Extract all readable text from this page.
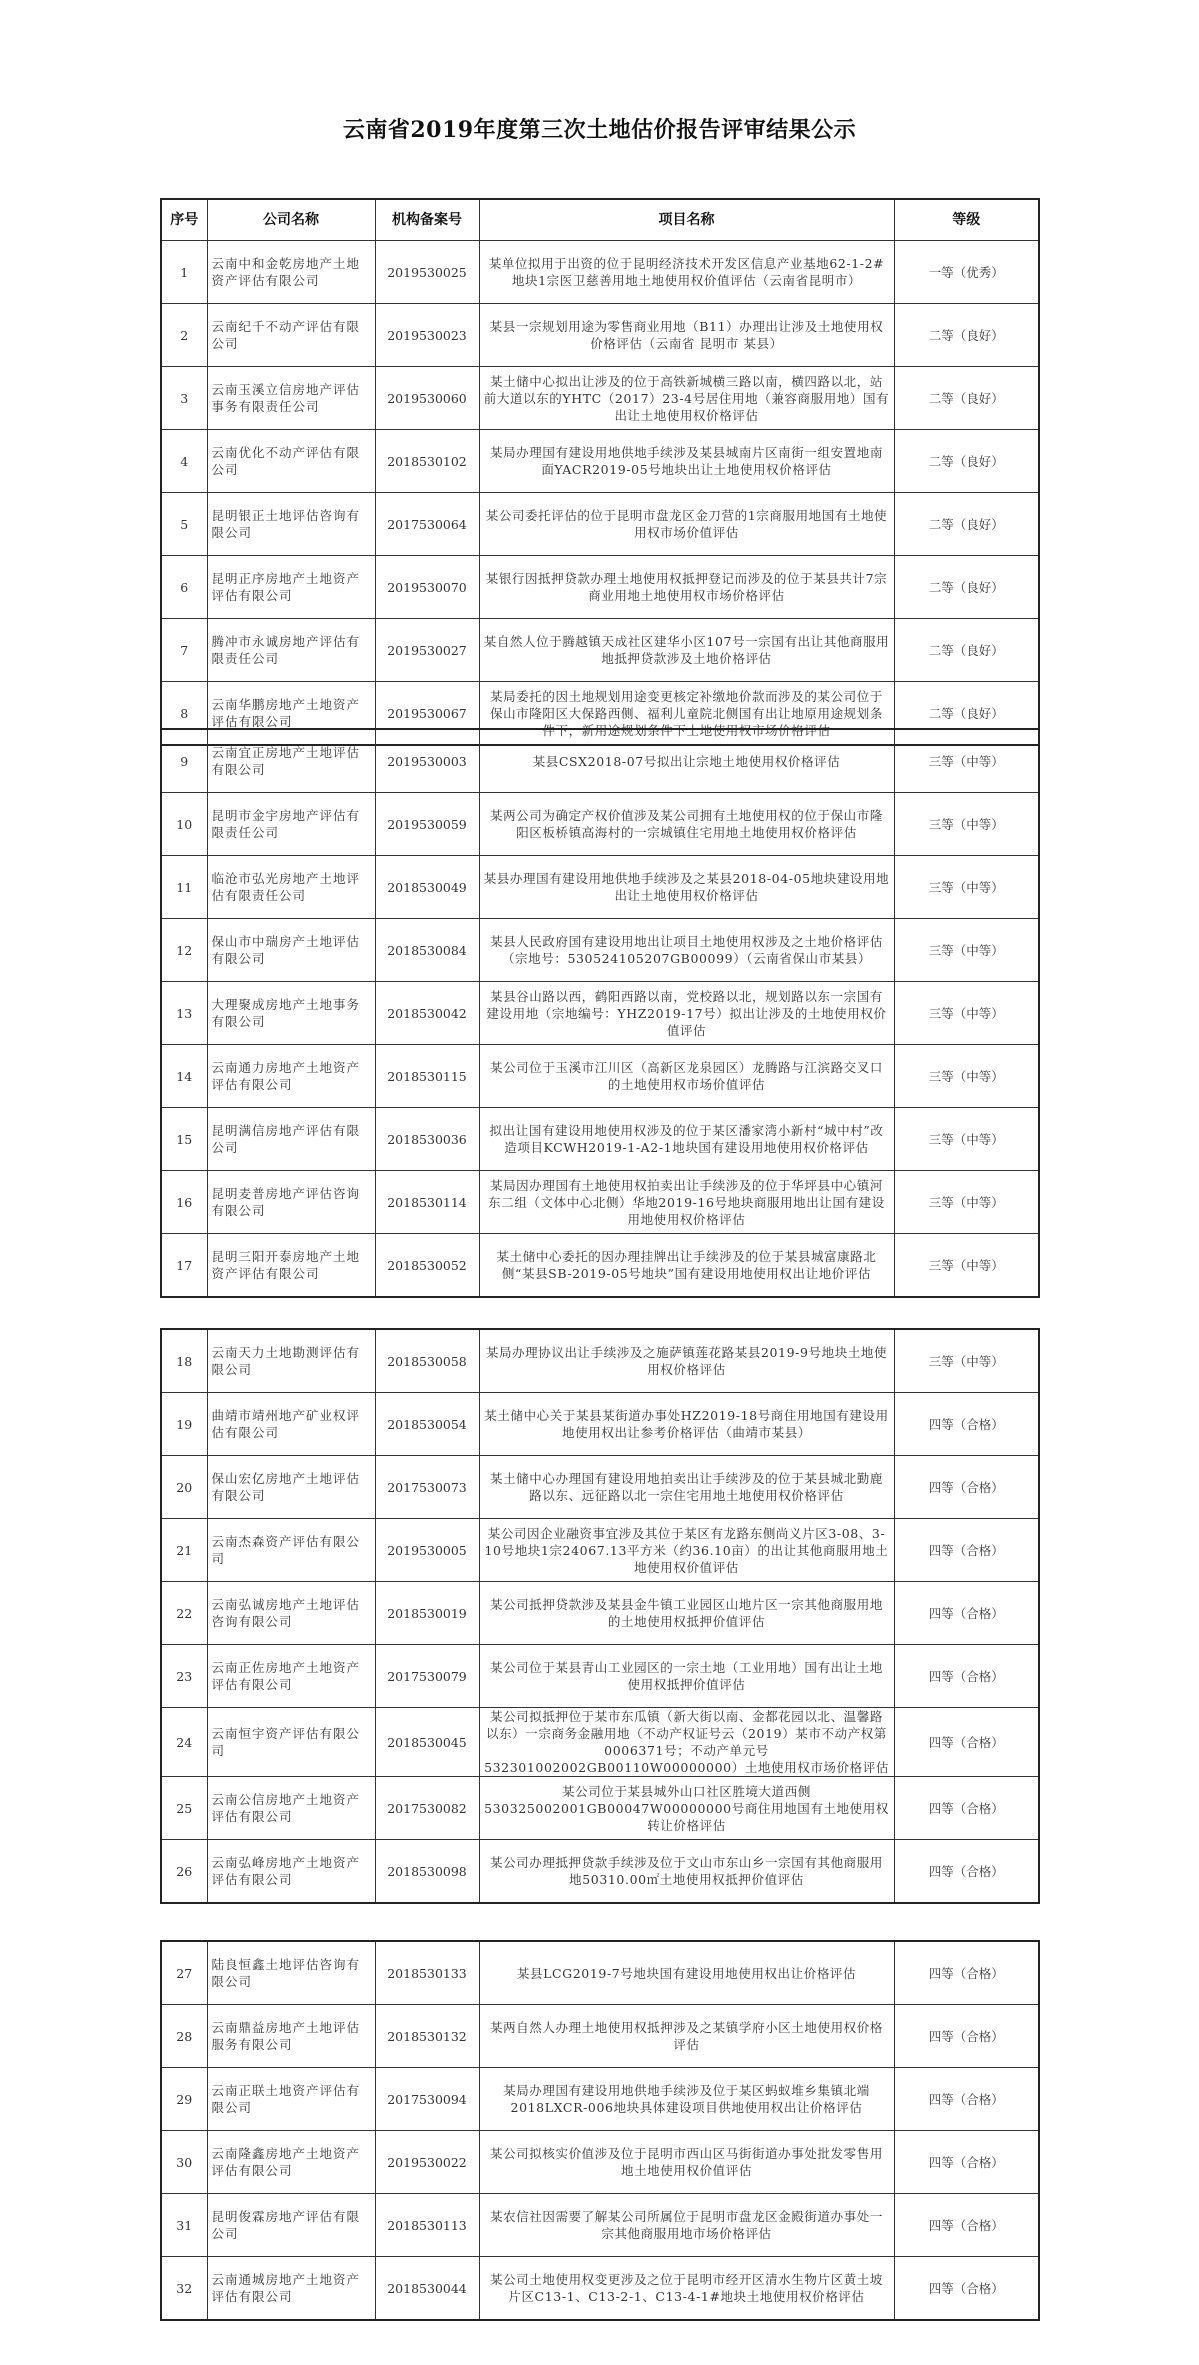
云南省2019年度第三次土地估价报告评审结果公示
序号	公司名称	机构备案号	项目名称	等级
1	云南中和金乾房地产土地资产评估有限公司	2019530025	某单位拟用于出资的位于昆明经济技术开发区信息产业基地62-1-2#地块1宗医卫慈善用地土地使用权价值评估（云南省昆明市）	一等（优秀）
2	云南纪千不动产评估有限公司	2019530023	某县一宗规划用途为零售商业用地（B11）办理出让涉及土地使用权价格评估（云南省 昆明市 某县）	二等（良好）
3	云南玉溪立信房地产评估事务有限责任公司	2019530060	某土储中心拟出让涉及的位于高铁新城横三路以南，横四路以北，站前大道以东的YHTC（2017）23-4号居住用地（兼容商服用地）国有出让土地使用权价格评估	二等（良好）
4	云南优化不动产评估有限公司	2018530102	某局办理国有建设用地供地手续涉及某县城南片区南街一组安置地南面YACR2019-05号地块出让土地使用权价格评估	二等（良好）
5	昆明银正土地评估咨询有限公司	2017530064	某公司委托评估的位于昆明市盘龙区金刀营的1宗商服用地国有土地使用权市场价值评估	二等（良好）
6	昆明正序房地产土地资产评估有限公司	2019530070	某银行因抵押贷款办理土地使用权抵押登记而涉及的位于某县共计7宗商业用地土地使用权市场价格评估	二等（良好）
7	腾冲市永诚房地产评估有限责任公司	2019530027	某自然人位于腾越镇天成社区建华小区107号一宗国有出让其他商服用地抵押贷款涉及土地价格评估	二等（良好）
8	云南华鹏房地产土地资产评估有限公司	2019530067	某局委托的因土地规划用途变更核定补缴地价款而涉及的某公司位于保山市隆阳区大保路西侧、福利儿童院北侧国有出让地原用途规划条件下，新用途规划条件下土地使用权市场价格评估	二等（良好）
9	云南宜正房地产土地评估有限公司	2019530003	某县CSX2018-07号拟出让宗地土地使用权价格评估	三等（中等）
10	昆明市金宇房地产评估有限责任公司	2019530059	某两公司为确定产权价值涉及某公司拥有土地使用权的位于保山市隆阳区板桥镇高海村的一宗城镇住宅用地土地使用权价格评估	三等（中等）
11	临沧市弘光房地产土地评估有限责任公司	2018530049	某县办理国有建设用地供地手续涉及之某县2018-04-05地块建设用地出让土地使用权价格评估	三等（中等）
12	保山市中瑞房产土地评估有限公司	2018530084	某县人民政府国有建设用地出让项目土地使用权涉及之土地价格评估（宗地号：530524105207GB00099）（云南省保山市某县）	三等（中等）
13	大理聚成房地产土地事务有限公司	2018530042	某县谷山路以西，鹤阳西路以南，党校路以北，规划路以东一宗国有建设用地（宗地编号：YHZ2019-17号）拟出让涉及的土地使用权价值评估	三等（中等）
14	云南通力房地产土地资产评估有限公司	2018530115	某公司位于玉溪市江川区（高新区龙泉园区）龙腾路与江滨路交叉口的土地使用权市场价值评估	三等（中等）
15	昆明满信房地产评估有限公司	2018530036	拟出让国有建设用地使用权涉及的位于某区潘家湾小新村“城中村”改造项目KCWH2019-1-A2-1地块国有建设用地使用权价格评估	三等（中等）
16	昆明麦普房地产评估咨询有限公司	2018530114	某局因办理国有土地使用权拍卖出让手续涉及的位于华坪县中心镇河东二组（文体中心北侧）华地2019-16号地块商服用地出让国有建设用地使用权价格评估	三等（中等）
17	昆明三阳开泰房地产土地资产评估有限公司	2018530052	某土储中心委托的因办理挂牌出让手续涉及的位于某县城富康路北侧“某县SB-2019-05号地块”国有建设用地使用权出让地价评估	三等（中等）
18	云南天力土地勘测评估有限公司	2018530058	某局办理协议出让手续涉及之施萨镇莲花路某县2019-9号地块土地使用权价格评估	三等（中等）
19	曲靖市靖州地产矿业权评估有限公司	2018530054	某土储中心关于某县某街道办事处HZ2019-18号商住用地国有建设用地使用权出让参考价格评估（曲靖市某县）	四等（合格）
20	保山宏亿房地产土地评估有限公司	2017530073	某土储中心办理国有建设用地拍卖出让手续涉及的位于某县城北勤鹿路以东、远征路以北一宗住宅用地土地使用权价格评估	四等（合格）
21	云南杰森资产评估有限公司	2019530005	某公司因企业融资事宜涉及其位于某区有龙路东侧尚义片区3-08、3-10号地块1宗24067.13平方米（约36.10亩）的出让其他商服用地土地使用权价值评估	四等（合格）
22	云南弘诚房地产土地评估咨询有限公司	2018530019	某公司抵押贷款涉及某县金牛镇工业园区山地片区一宗其他商服用地的土地使用权抵押价值评估	四等（合格）
23	云南正佐房地产土地资产评估有限公司	2017530079	某公司位于某县青山工业园区的一宗土地（工业用地）国有出让土地使用权抵押价值评估	四等（合格）
24	云南恒宇资产评估有限公司	2018530045	某公司拟抵押位于某市东瓜镇（新大街以南、金都花园以北、温馨路以东）一宗商务金融用地（不动产权证号云（2019）某市不动产权第0006371号；不动产单元号532301002002GB00110W00000000）土地使用权市场价格评估	四等（合格）
25	云南公信房地产土地资产评估有限公司	2017530082	某公司位于某县城外山口社区胜境大道西侧530325002001GB00047W00000000号商住用地国有土地使用权转让价格评估	四等（合格）
26	云南弘峰房地产土地资产评估有限公司	2018530098	某公司办理抵押贷款手续涉及位于文山市东山乡一宗国有其他商服用地50310.00㎡土地使用权抵押价值评估	四等（合格）
27	陆良恒鑫土地评估咨询有限公司	2018530133	某县LCG2019-7号地块国有建设用地使用权出让价格评估	四等（合格）
28	云南鼎益房地产土地评估服务有限公司	2018530132	某两自然人办理土地使用权抵押涉及之某镇学府小区土地使用权价格评估	四等（合格）
29	云南正联土地资产评估有限公司	2017530094	某局办理国有建设用地供地手续涉及位于某区蚂蚁堆乡集镇北端2018LXCR-006地块具体建设项目供地使用权出让价格评估	四等（合格）
30	云南隆鑫房地产土地资产评估有限公司	2019530022	某公司拟核实价值涉及位于昆明市西山区马街街道办事处批发零售用地土地使用权价值评估	四等（合格）
31	昆明俊霖房地产评估有限公司	2018530113	某农信社因需要了解某公司所属位于昆明市盘龙区金殿街道办事处一宗其他商服用地市场价格评估	四等（合格）
32	云南通城房地产土地资产评估有限公司	2018530044	某公司土地使用权变更涉及之位于昆明市经开区清水生物片区黄土坡片区C13-1、C13-2-1、C13-4-1#地块土地使用权价格评估	四等（合格）
